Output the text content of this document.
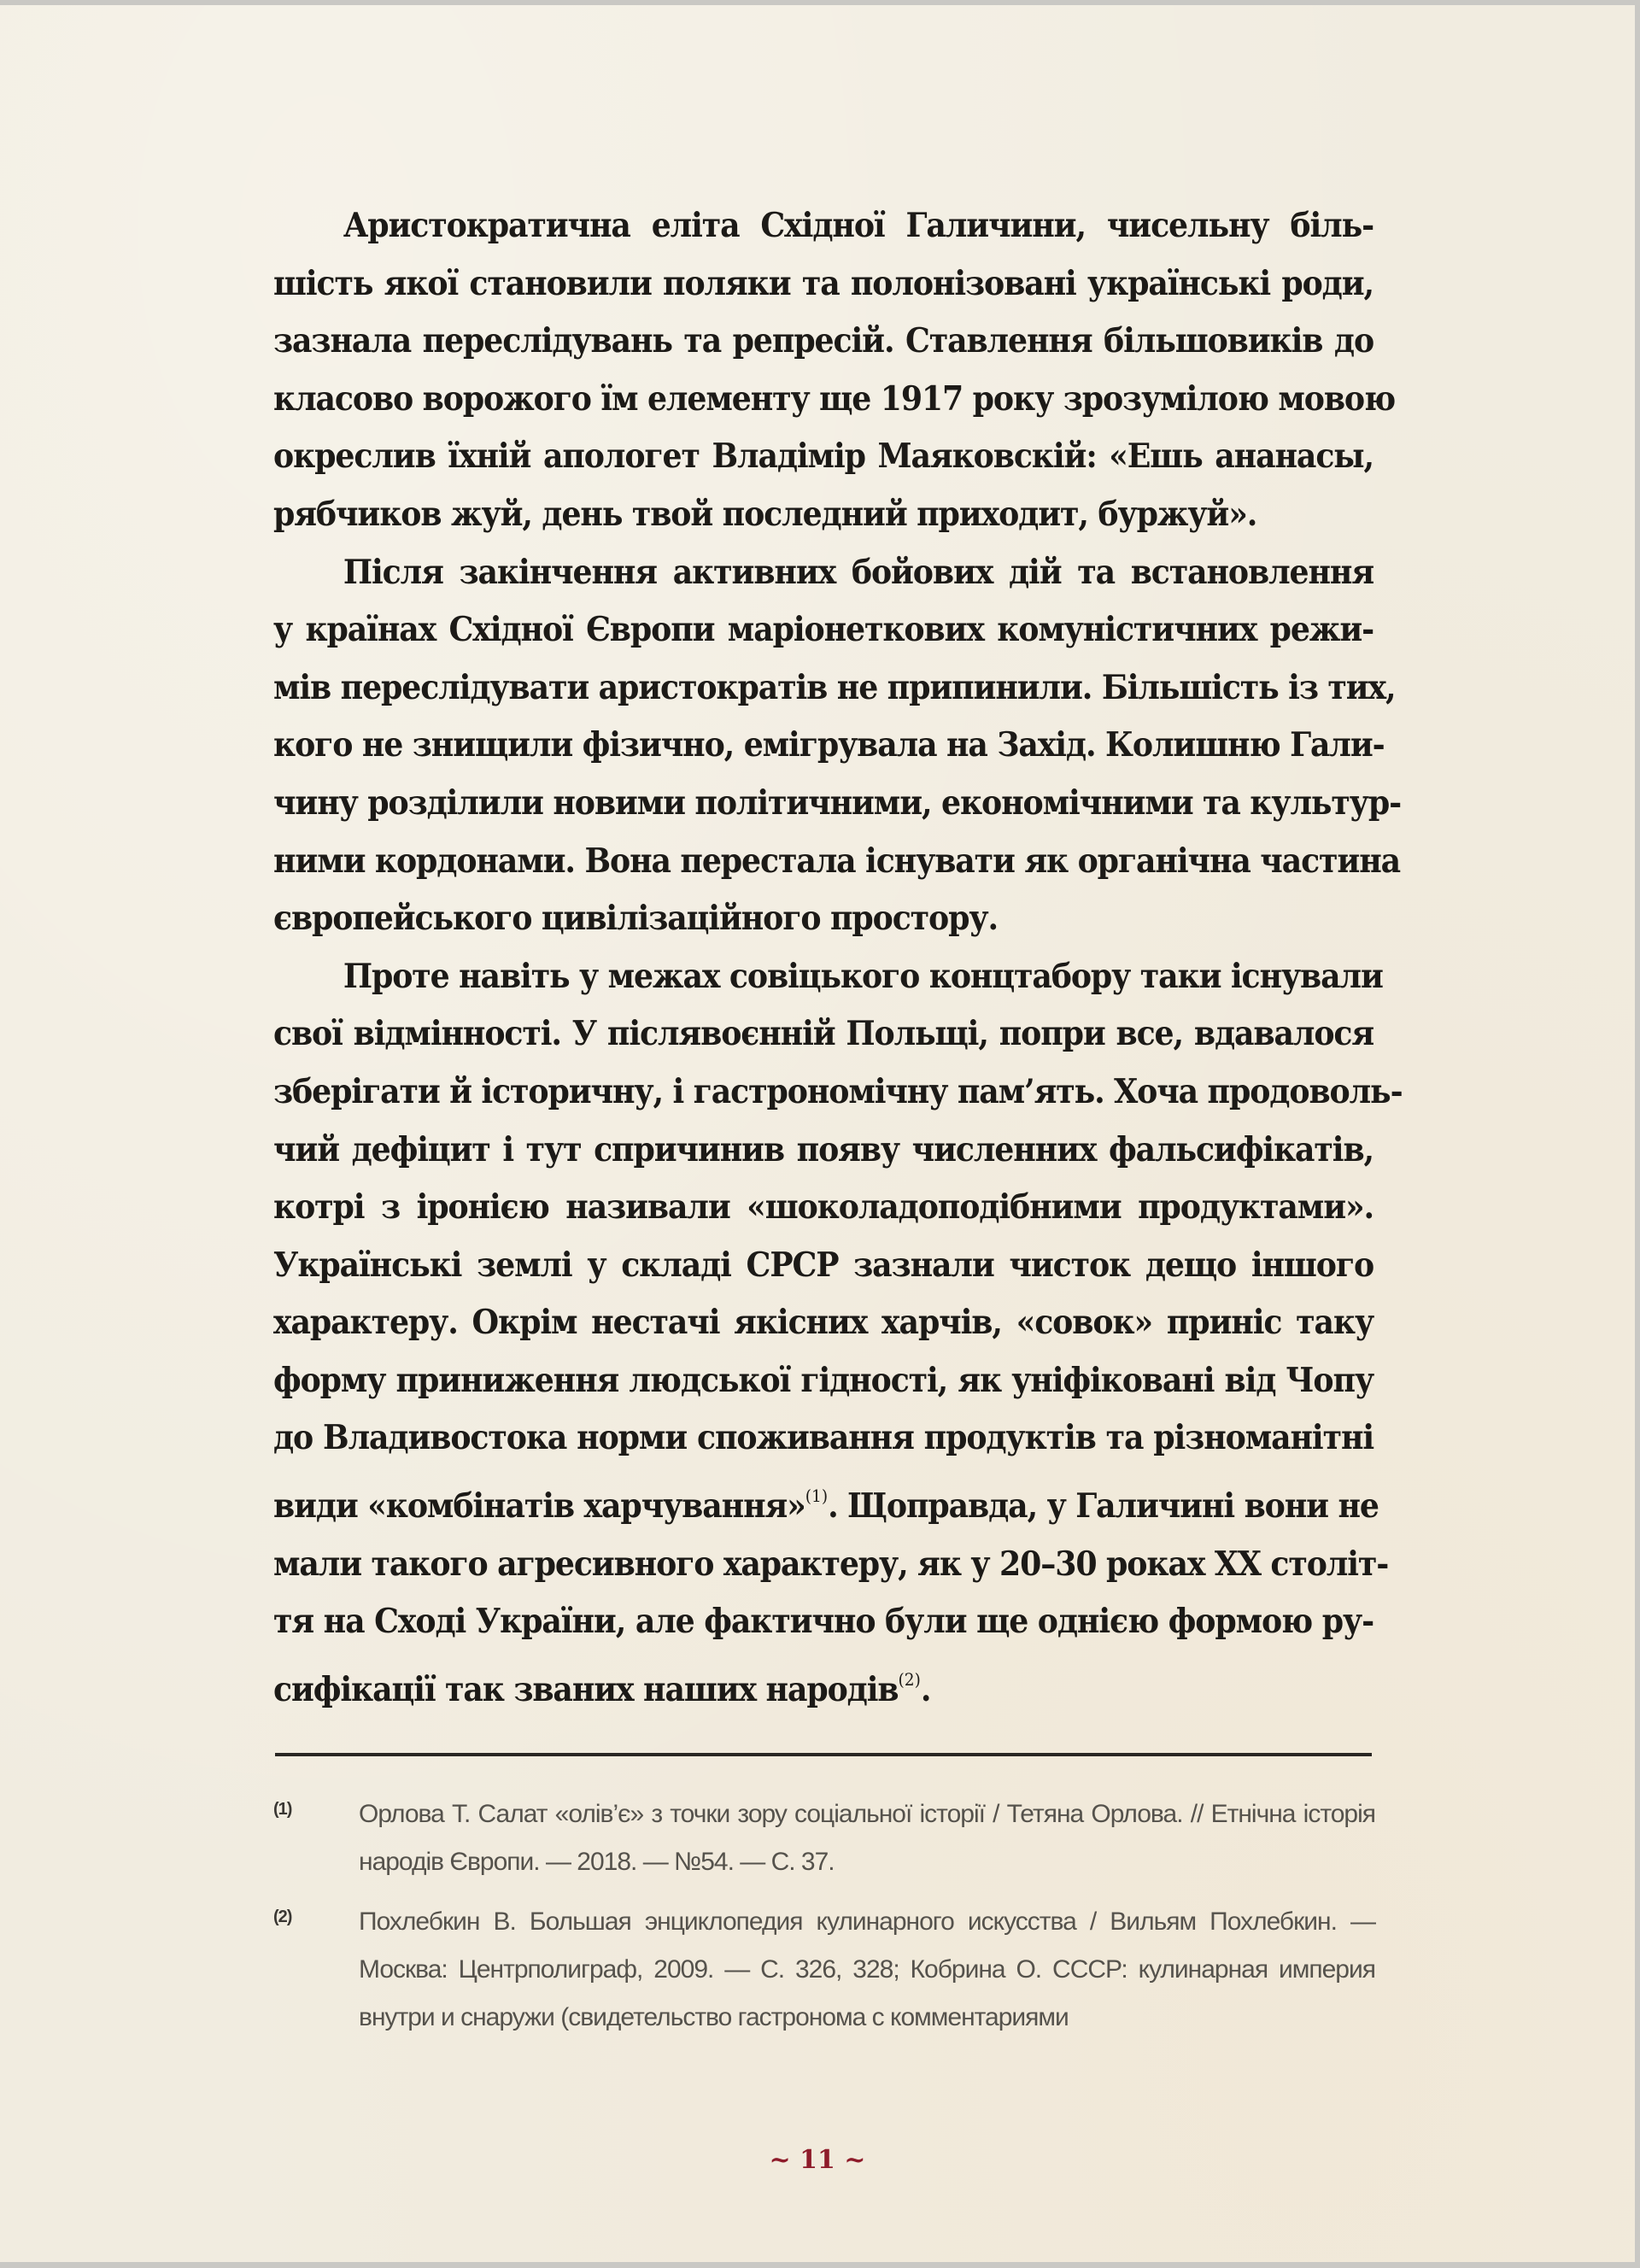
Аристократична еліта Східної Галичини, чисельну біль-
шість якої становили поляки та полонізовані українські роди,
зазнала переслідувань та репресій. Ставлення більшовиків до
класово ворожого їм елементу ще 1917 року зрозумілою мовою
окреслив їхній апологет Владімір Маяковскій: «Ешь ананасы,
рябчиков жуй, день твой последний приходит, буржуй».
Після закінчення активних бойових дій та встановлення
у країнах Східної Європи маріонеткових комуністичних режи-
мів переслідувати аристократів не припинили. Більшість із тих,
кого не знищили фізично, емігрувала на Захід. Колишню Гали-
чину розділили новими політичними, економічними та культур-
ними кордонами. Вона перестала існувати як органічна частина
європейського цивілізаційного простору.
Проте навіть у межах совіцького концтабору таки існували
свої відмінності. У післявоєнній Польщі, попри все, вдавалося
зберігати й історичну, і гастрономічну пам’ять. Хоча продоволь-
чий дефіцит і тут спричинив появу численних фальсифікатів,
котрі з іронією називали «шоколадоподібними продуктами».
Українські землі у складі СРСР зазнали чисток дещо іншого
характеру. Окрім нестачі якісних харчів, «совок» приніс таку
форму приниження людської гідності, як уніфіковані від Чопу
до Владивостока норми споживання продуктів та різноманітні
види «комбінатів харчування»$^{(1)}$. Щоправда, у Галичині вони не
мали такого агресивного характеру, як у 20–30 роках XX століт-
тя на Сході України, але фактично були ще однією формою ру-
сифікації так званих наших народів$^{(2)}$.
(1)	Орлова Т. Салат «олів’є» з точки зору соціальної історії / Тетяна Орлова. // Етнічна історія народів Європи. — 2018. — №54. — С. 37.
(2)	Похлебкин В. Большая энциклопедия кулинарного искусства / Вильям Похлебкин. — Москва: Центрполиграф, 2009. — С. 326, 328; Кобрина О. СССР: кулинарная империя внутри и снаружи (свидетельство гастронома с комментариями
~ 11 ~
